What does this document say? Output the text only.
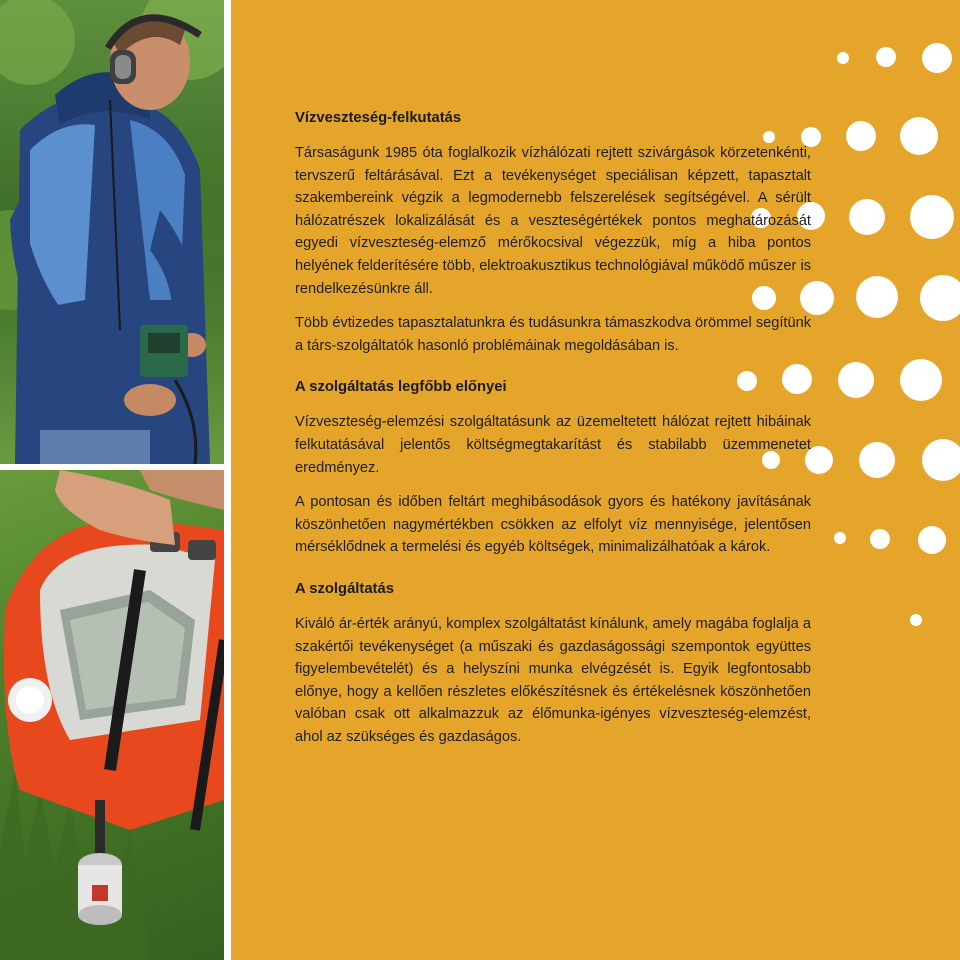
Vízveszteség-felkutatás

Társaságunk 1985 óta foglalkozik vízhálózati rejtett szivárgások körzetenkénti, tervszerű feltárásával. Ezt a tevékenységet speciálisan képzett, tapasztalt szakembereink végzik a legmodernebb felszerelések segítségével. A sérült hálózatrészek lokalizálását és a veszteségértékek pontos meghatározását egyedi vízveszteség-elemző mérőkocsival végezzük, míg a hiba pontos helyének felderítésére több, elektroakusztikus technológiával működő műszer is rendelkezésünkre áll.

Több évtizedes tapasztalatunkra és tudásunkra támaszkodva örömmel segítünk a társ-szolgáltatók hasonló problémáinak megoldásában is.

A szolgáltatás legfőbb előnyei

Vízveszteség-elemzési szolgáltatásunk az üzemeltetett hálózat rejtett hibáinak felkutatásával jelentős költségmegtakarítást és stabilabb üzemmenetet eredményez.

A pontosan és időben feltárt meghibásodások gyors és hatékony javításának köszönhetően nagymértékben csökken az elfolyt víz mennyisége, jelentősen mérséklődnek a termelési és egyéb költségek, minimalizálhatóak a károk.

A szolgáltatás

Kiváló ár-érték arányú, komplex szolgáltatást kínálunk, amely magába foglalja a szakértői tevékenységet (a műszaki és gazdaságossági szempontok együttes figyelembevételét) és a helyszíni munka elvégzését is. Egyik legfontosabb előnye, hogy a kellően részletes előkészítésnek és értékelésnek köszönhetően valóban csak ott alkalmazzuk az élőmunka-igényes vízveszteség-elemzést, ahol az szükséges és gazdaságos.
